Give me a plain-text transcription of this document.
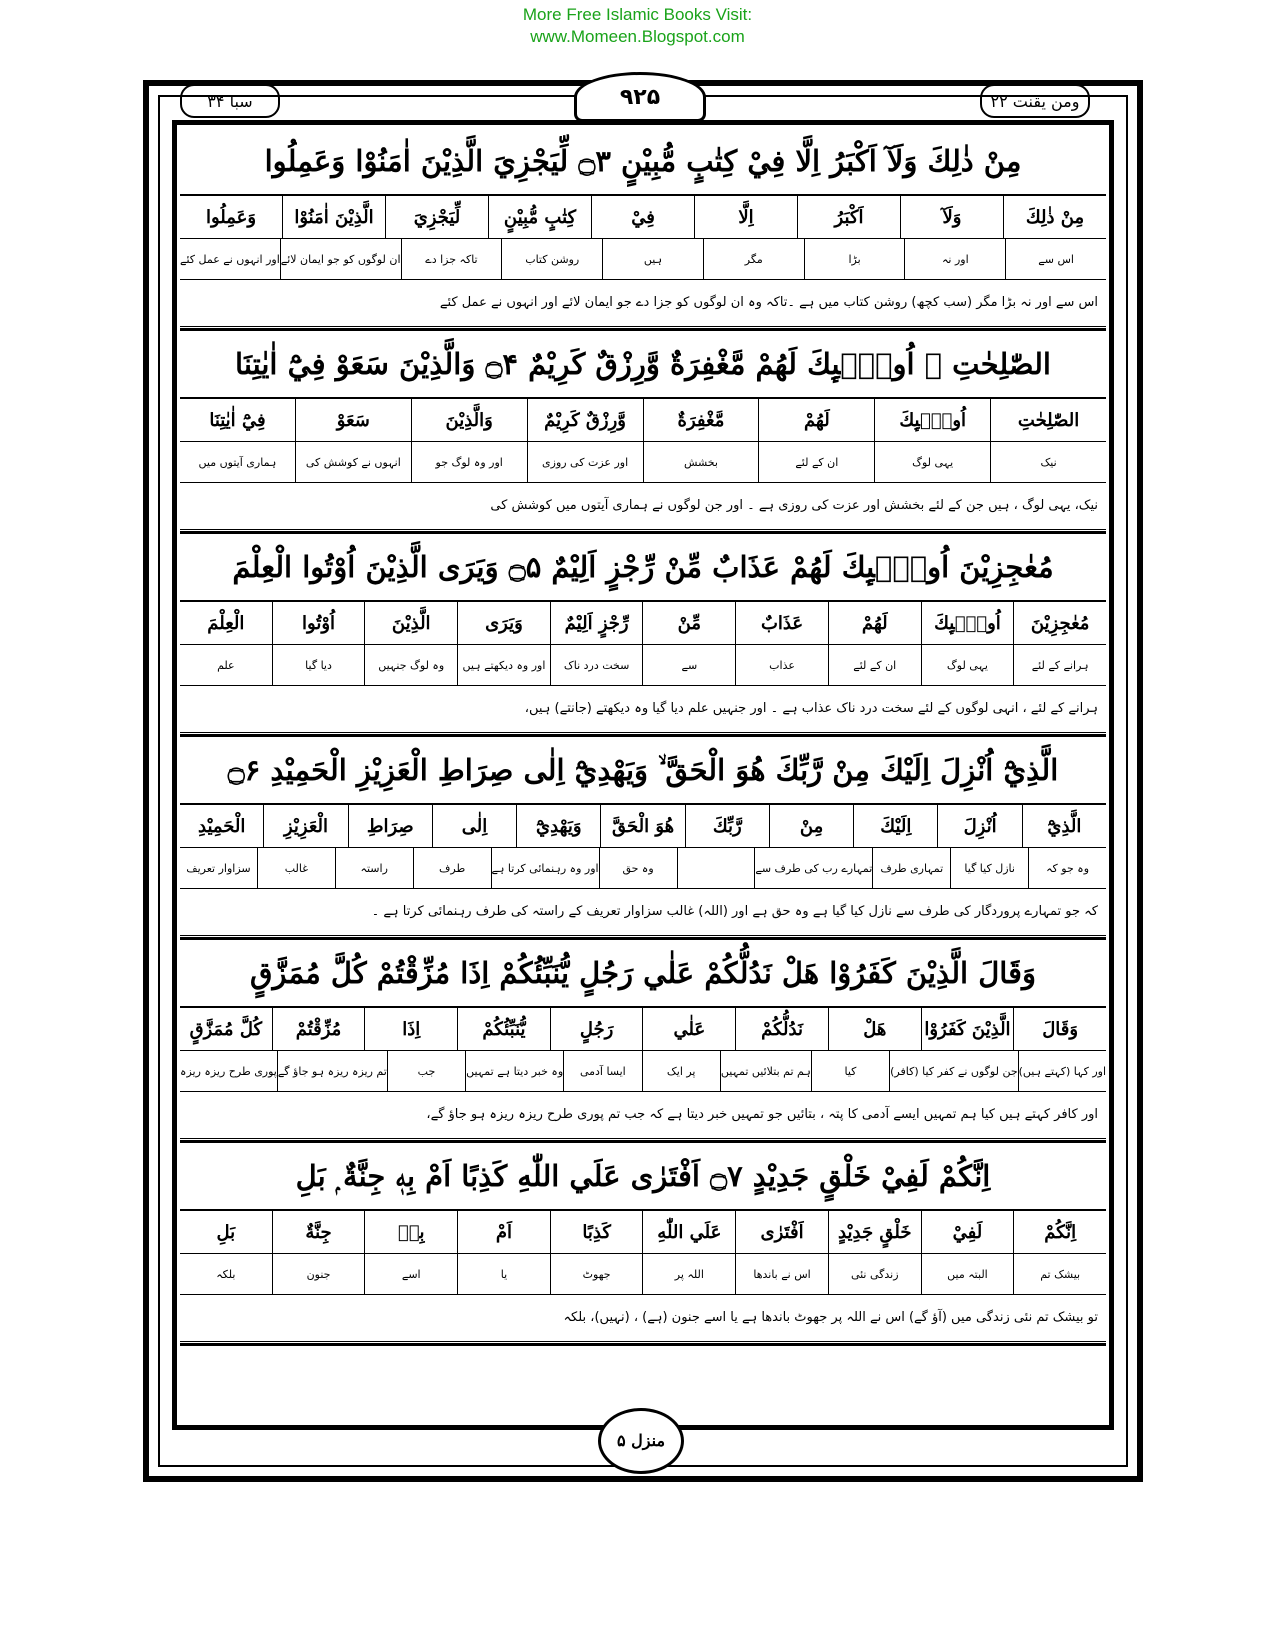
More Free Islamic Books Visit:
www.Momeen.Blogspot.com
سبا ۳۴	۹۲۵	ومن یقنت ۲۲
مِنْ ذٰلِكَ وَلَآ اَكْبَرُ اِلَّا فِيْ كِتٰبٍ مُّبِيْنٍ ۝۳ لِّيَجْزِيَ الَّذِيْنَ اٰمَنُوْا وَعَمِلُوا
مِنْ ذٰلِكَ
وَلَآ
اَكْبَرُ
اِلَّا
فِيْ
كِتٰبٍ مُّبِيْنٍ
لِّيَجْزِيَ
الَّذِيْنَ اٰمَنُوْا
وَعَمِلُوا
اس سے
اور نہ
بڑا
مگر
ہیں
روشن کتاب
تاکہ جزا دے
ان لوگوں کو جو ایمان لائے
اور انہوں نے عمل کئے
اس سے اور نہ بڑا مگر (سب کچھ) روشن کتاب میں ہے ۔تاکہ وہ ان لوگوں کو جزا دے جو ایمان لائے اور انہوں نے عمل کئے
الصّٰلِحٰتِ ۭ اُولٰۗىِٕكَ لَهُمْ مَّغْفِرَةٌ وَّرِزْقٌ كَرِيْمٌ ۝۴ وَالَّذِيْنَ سَعَوْ فِيْٓ اٰيٰتِنَا
الصّٰلِحٰتِ
اُولٰۗىِٕكَ
لَهُمْ
مَّغْفِرَةٌ
وَّرِزْقٌ كَرِيْمٌ
وَالَّذِيْنَ
سَعَوْ
فِيْٓ اٰيٰتِنَا
نیک
یہی لوگ
ان کے لئے
بخشش
اور عزت کی روزی
اور وہ لوگ جو
انہوں نے کوشش کی
ہماری آیتوں میں
نیک، یہی لوگ ، ہیں جن کے لئے بخشش اور عزت کی روزی ہے ۔ اور جن لوگوں نے ہماری آیتوں میں کوشش کی
مُعٰجِزِيْنَ اُولٰۗىِٕكَ لَهُمْ عَذَابٌ مِّنْ رِّجْزٍ اَلِيْمٌ ۝۵ وَيَرَى الَّذِيْنَ اُوْتُوا الْعِلْمَ
مُعٰجِزِيْنَ
اُولٰۗىِٕكَ
لَهُمْ
عَذَابٌ
مِّنْ
رِّجْزٍ اَلِيْمٌ
وَيَرَى
الَّذِيْنَ
اُوْتُوا
الْعِلْمَ
ہرانے کے لئے
یہی لوگ
ان کے لئے
عذاب
سے
سخت درد ناک
اور وہ دیکھتے ہیں
وہ لوگ جنہیں
دیا گیا
علم
ہرانے کے لئے ، انہی لوگوں کے لئے سخت درد ناک عذاب ہے ۔ اور جنہیں علم دیا گیا وہ دیکھتے (جانتے) ہیں،
الَّذِيْٓ اُنْزِلَ اِلَيْكَ مِنْ رَّبِّكَ هُوَ الْحَقَّ ۙ وَيَهْدِيْٓ اِلٰى صِرَاطِ الْعَزِيْزِ الْحَمِيْدِ ۝۶
الَّذِيْٓ
اُنْزِلَ
اِلَيْكَ
مِنْ
رَّبِّكَ
هُوَ الْحَقَّ
وَيَهْدِيْٓ
اِلٰى
صِرَاطِ
الْعَزِيْزِ
الْحَمِيْدِ
وہ جو کہ
نازل کیا گیا
تمہاری طرف
تمہارے رب کی طرف سے
وہ حق
اور وہ رہنمائی کرتا ہے
طرف
راستہ
غالب
سزاوار تعریف
کہ جو تمہارے پروردگار کی طرف سے نازل کیا گیا ہے وہ حق ہے اور (اللہ) غالب سزاوار تعریف کے راستہ کی طرف رہنمائی کرتا ہے ۔
وَقَالَ الَّذِيْنَ كَفَرُوْا هَلْ نَدُلُّكُمْ عَلٰي رَجُلٍ يُّنَبِّئُكُمْ اِذَا مُزِّقْتُمْ كُلَّ مُمَزَّقٍ
وَقَالَ
الَّذِيْنَ كَفَرُوْا
هَلْ
نَدُلُّكُمْ
عَلٰي
رَجُلٍ
يُّنَبِّئُكُمْ
اِذَا
مُزِّقْتُمْ
كُلَّ مُمَزَّقٍ
اور کہا (کہتے ہیں)
جن لوگوں نے کفر کیا (کافر)
کیا
ہم تم بتلائیں تمہیں
پر ایک
ایسا آدمی
وہ خبر دیتا ہے تمہیں
جب
تم ریزہ ریزہ ہو جاؤ گے
پوری طرح ریزہ ریزہ
اور کافر کہتے ہیں کیا ہم تمہیں ایسے آدمی کا پتہ ، بتائیں جو تمہیں خبر دیتا ہے کہ جب تم پوری طرح ریزہ ریزہ ہو جاؤ گے،
اِنَّكُمْ لَفِيْ خَلْقٍ جَدِيْدٍ ۝۷ اَفْتَرٰى عَلَي اللّٰهِ كَذِبًا اَمْ بِهٖ جِنَّةٌ ۭ بَلِ
اِنَّكُمْ
لَفِيْ
خَلْقٍ جَدِيْدٍ
اَفْتَرٰى
عَلَي اللّٰهِ
كَذِبًا
اَمْ
بِهٖ
جِنَّةٌ
بَلِ
بیشک تم
البتہ میں
زندگی نئی
اس نے باندھا
اللہ پر
جھوٹ
یا
اسے
جنون
بلکہ
تو بیشک تم نئی زندگی میں (آؤ گے) اس نے اللہ پر جھوٹ باندھا ہے یا اسے جنون (ہے) ، (نہیں)، بلکہ
منزل ۵
